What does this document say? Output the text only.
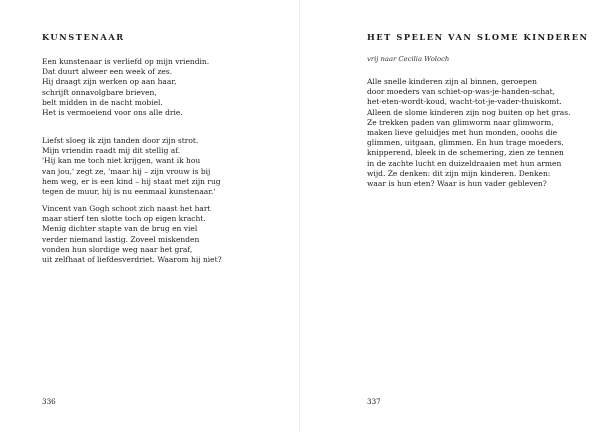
KUNSTENAAR

Een kunstenaar is verliefd op mijn vriendin.
Dat duurt alweer een week of zes.
Hij draagt zijn werken op aan haar,
schrijft onnavolgbare brieven,
belt midden in de nacht mobiel.
Het is vermoeiend voor ons alle drie.

Liefst sloeg ik zijn tanden door zijn strot.
Mijn vriendin raadt mij dit stellig af.
'Hij kan me toch niet krijgen, want ik hou
van jou,' zegt ze, 'maar hij – zijn vrouw is bij
hem weg, er is een kind – hij staat met zijn rug
tegen de muur, hij is nu eenmaal kunstenaar.'

Vincent van Gogh schoot zich naast het hart
maar stierf ten slotte toch op eigen kracht.
Menig dichter stapte van de brug en viel
verder niemand lastig. Zoveel miskenden
vonden hun slordige weg naar het graf,
uit zelfhaat of liefdesverdriet. Waarom hij niet?

336
HET SPELEN VAN SLOME KINDEREN
vrij naar Cecilia Woloch

Alle snelle kinderen zijn al binnen, geroepen
door moeders van schiet-op-was-je-handen-schat,
het-eten-wordt-koud, wacht-tot-je-vader-thuiskomt.
Alleen de slome kinderen zijn nog buiten op het gras.
Ze trekken paden van glimworm naar glimworm,
maken lieve geluidjes met hun monden, ooohs die
glimmen, uitgaan, glimmen. En hun trage moeders,
knipperend, bleek in de schemering, zien ze tennen
in de zachte lucht en duizeldraaien met hun armen
wijd. Ze denken: dit zijn mijn kinderen. Denken:
waar is hun eten? Waar is hun vader gebleven?

337
